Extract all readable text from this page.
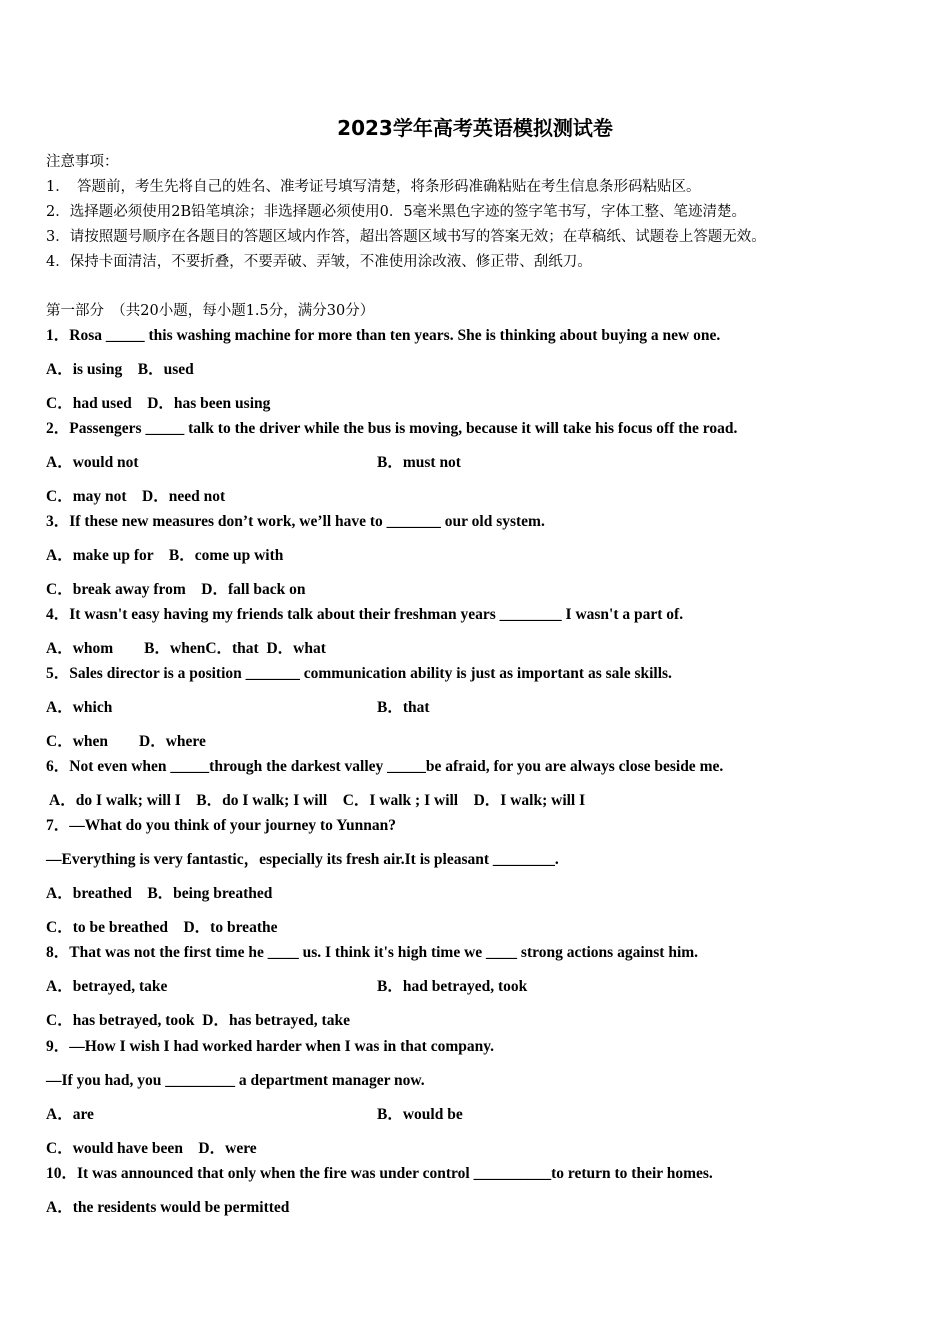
2023学年高考英语模拟测试卷
注意事项：
1．　答题前，考生先将自己的姓名、准考证号填写清楚，将条形码准确粘贴在考生信息条形码粘贴区。
2．选择题必须使用2B铅笔填涂；非选择题必须使用0．5毫米黑色字迹的签字笔书写，字体工整、笔迹清楚。
3．请按照题号顺序在各题目的答题区域内作答，超出答题区域书写的答案无效；在草稿纸、试题卷上答题无效。
4．保持卡面清洁，不要折叠，不要弄破、弄皱，不准使用涂改液、修正带、刮纸刀。
第一部分　（共20小题，每小题1.5分，满分30分）
1．Rosa _____ this washing machine for more than ten years. She is thinking about buying a new one.
A．is using　B．used
C．had used　D．has been using
2．Passengers _____ talk to the driver while the bus is moving, because it will take his focus off the road.
A．would not	B．must not
C．may not　D．need not
3．If these new measures don’t work, we’ll have to _______ our old system.
A．make up for　B．come up with
C．break away from　D．fall back on
4．It wasn't easy having my friends talk about their freshman years ________ I wasn't a part of.
A．whom　　B．whenC．that  D．what
5．Sales director is a position _______ communication ability is just as important as sale skills.
A．which	B．that
C．when　　D．where
6．Not even when _____through the darkest valley _____be afraid, for you are always close beside me.
A．do I walk; will I　B．do I walk; I will　C．I walk ; I will　D．I walk; will I
7．—What do you think of your journey to Yunnan?
—Everything is very fantastic，especially its fresh air.It is pleasant ________.
A．breathed　B．being breathed
C．to be breathed　D．to breathe
8．That was not the first time he ____ us. I think it's high time we ____ strong actions against him.
A．betrayed, take	B．had betrayed, took
C．has betrayed, took  D．has betrayed, take
9．—How I wish I had worked harder when I was in that company.
—If you had, you _________ a department manager now.
A．are	B．would be
C．would have been　D．were
10．It was announced that only when the fire was under control __________to return to their homes.
A．the residents would be permitted
